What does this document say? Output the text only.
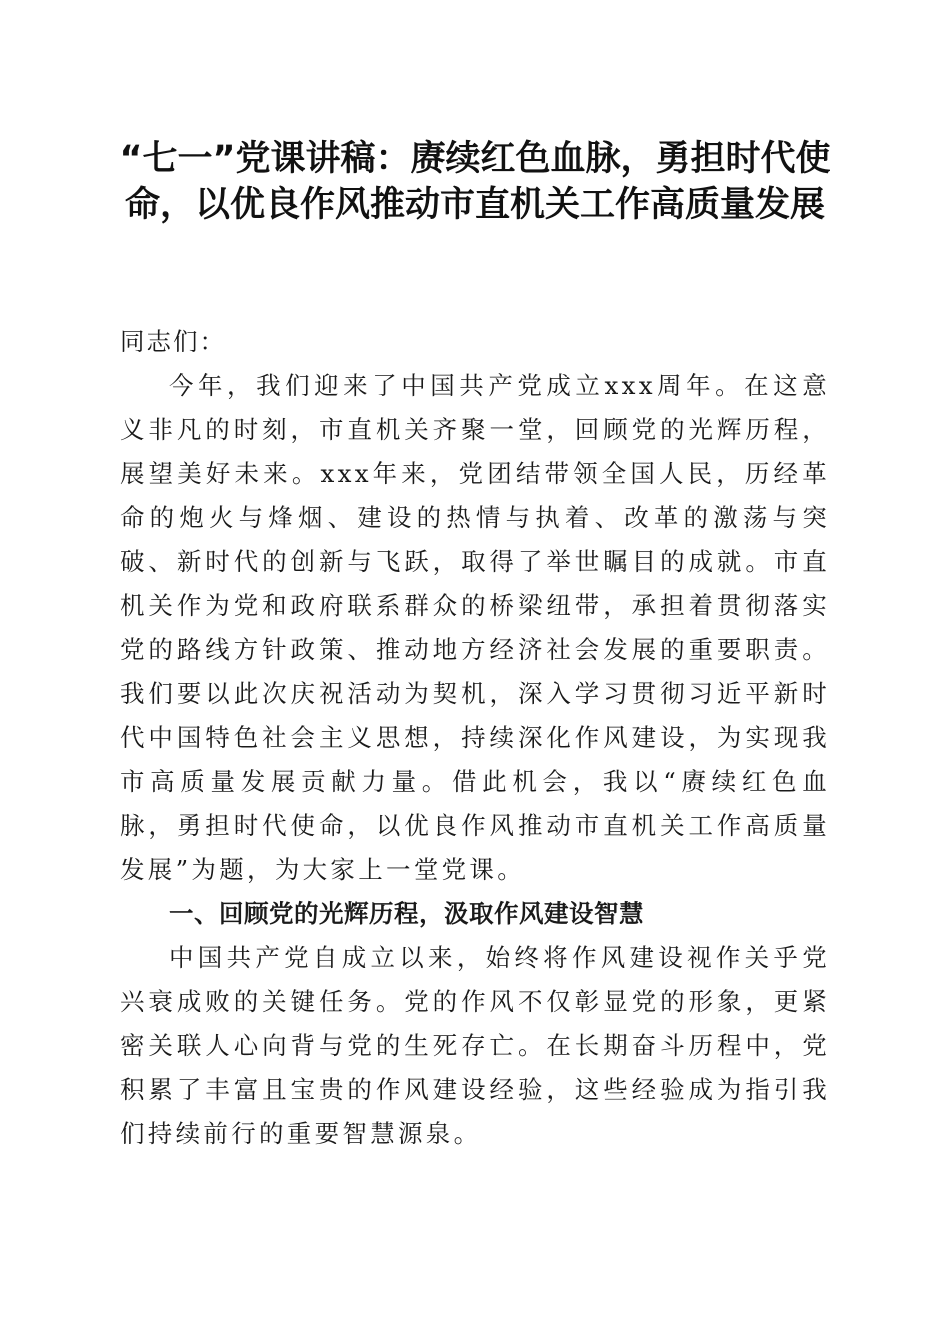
“七一”党课讲稿：赓续红色血脉，勇担时代使命，以优良作风推动市直机关工作高质量发展

同志们：

今年，我们迎来了中国共产党成立xxx周年。在这意义非凡的时刻，市直机关齐聚一堂，回顾党的光辉历程，展望美好未来。xxx年来，党团结带领全国人民，历经革命的炮火与烽烟、建设的热情与执着、改革的激荡与突破、新时代的创新与飞跃，取得了举世瞩目的成就。市直机关作为党和政府联系群众的桥梁纽带，承担着贯彻落实党的路线方针政策、推动地方经济社会发展的重要职责。我们要以此次庆祝活动为契机，深入学习贯彻习近平新时代中国特色社会主义思想，持续深化作风建设，为实现我市高质量发展贡献力量。借此机会，我以“赓续红色血脉，勇担时代使命，以优良作风推动市直机关工作高质量发展”为题，为大家上一堂党课。

一、回顾党的光辉历程，汲取作风建设智慧

中国共产党自成立以来，始终将作风建设视作关乎党兴衰成败的关键任务。党的作风不仅彰显党的形象，更紧密关联人心向背与党的生死存亡。在长期奋斗历程中，党积累了丰富且宝贵的作风建设经验，这些经验成为指引我们持续前行的重要智慧源泉。
